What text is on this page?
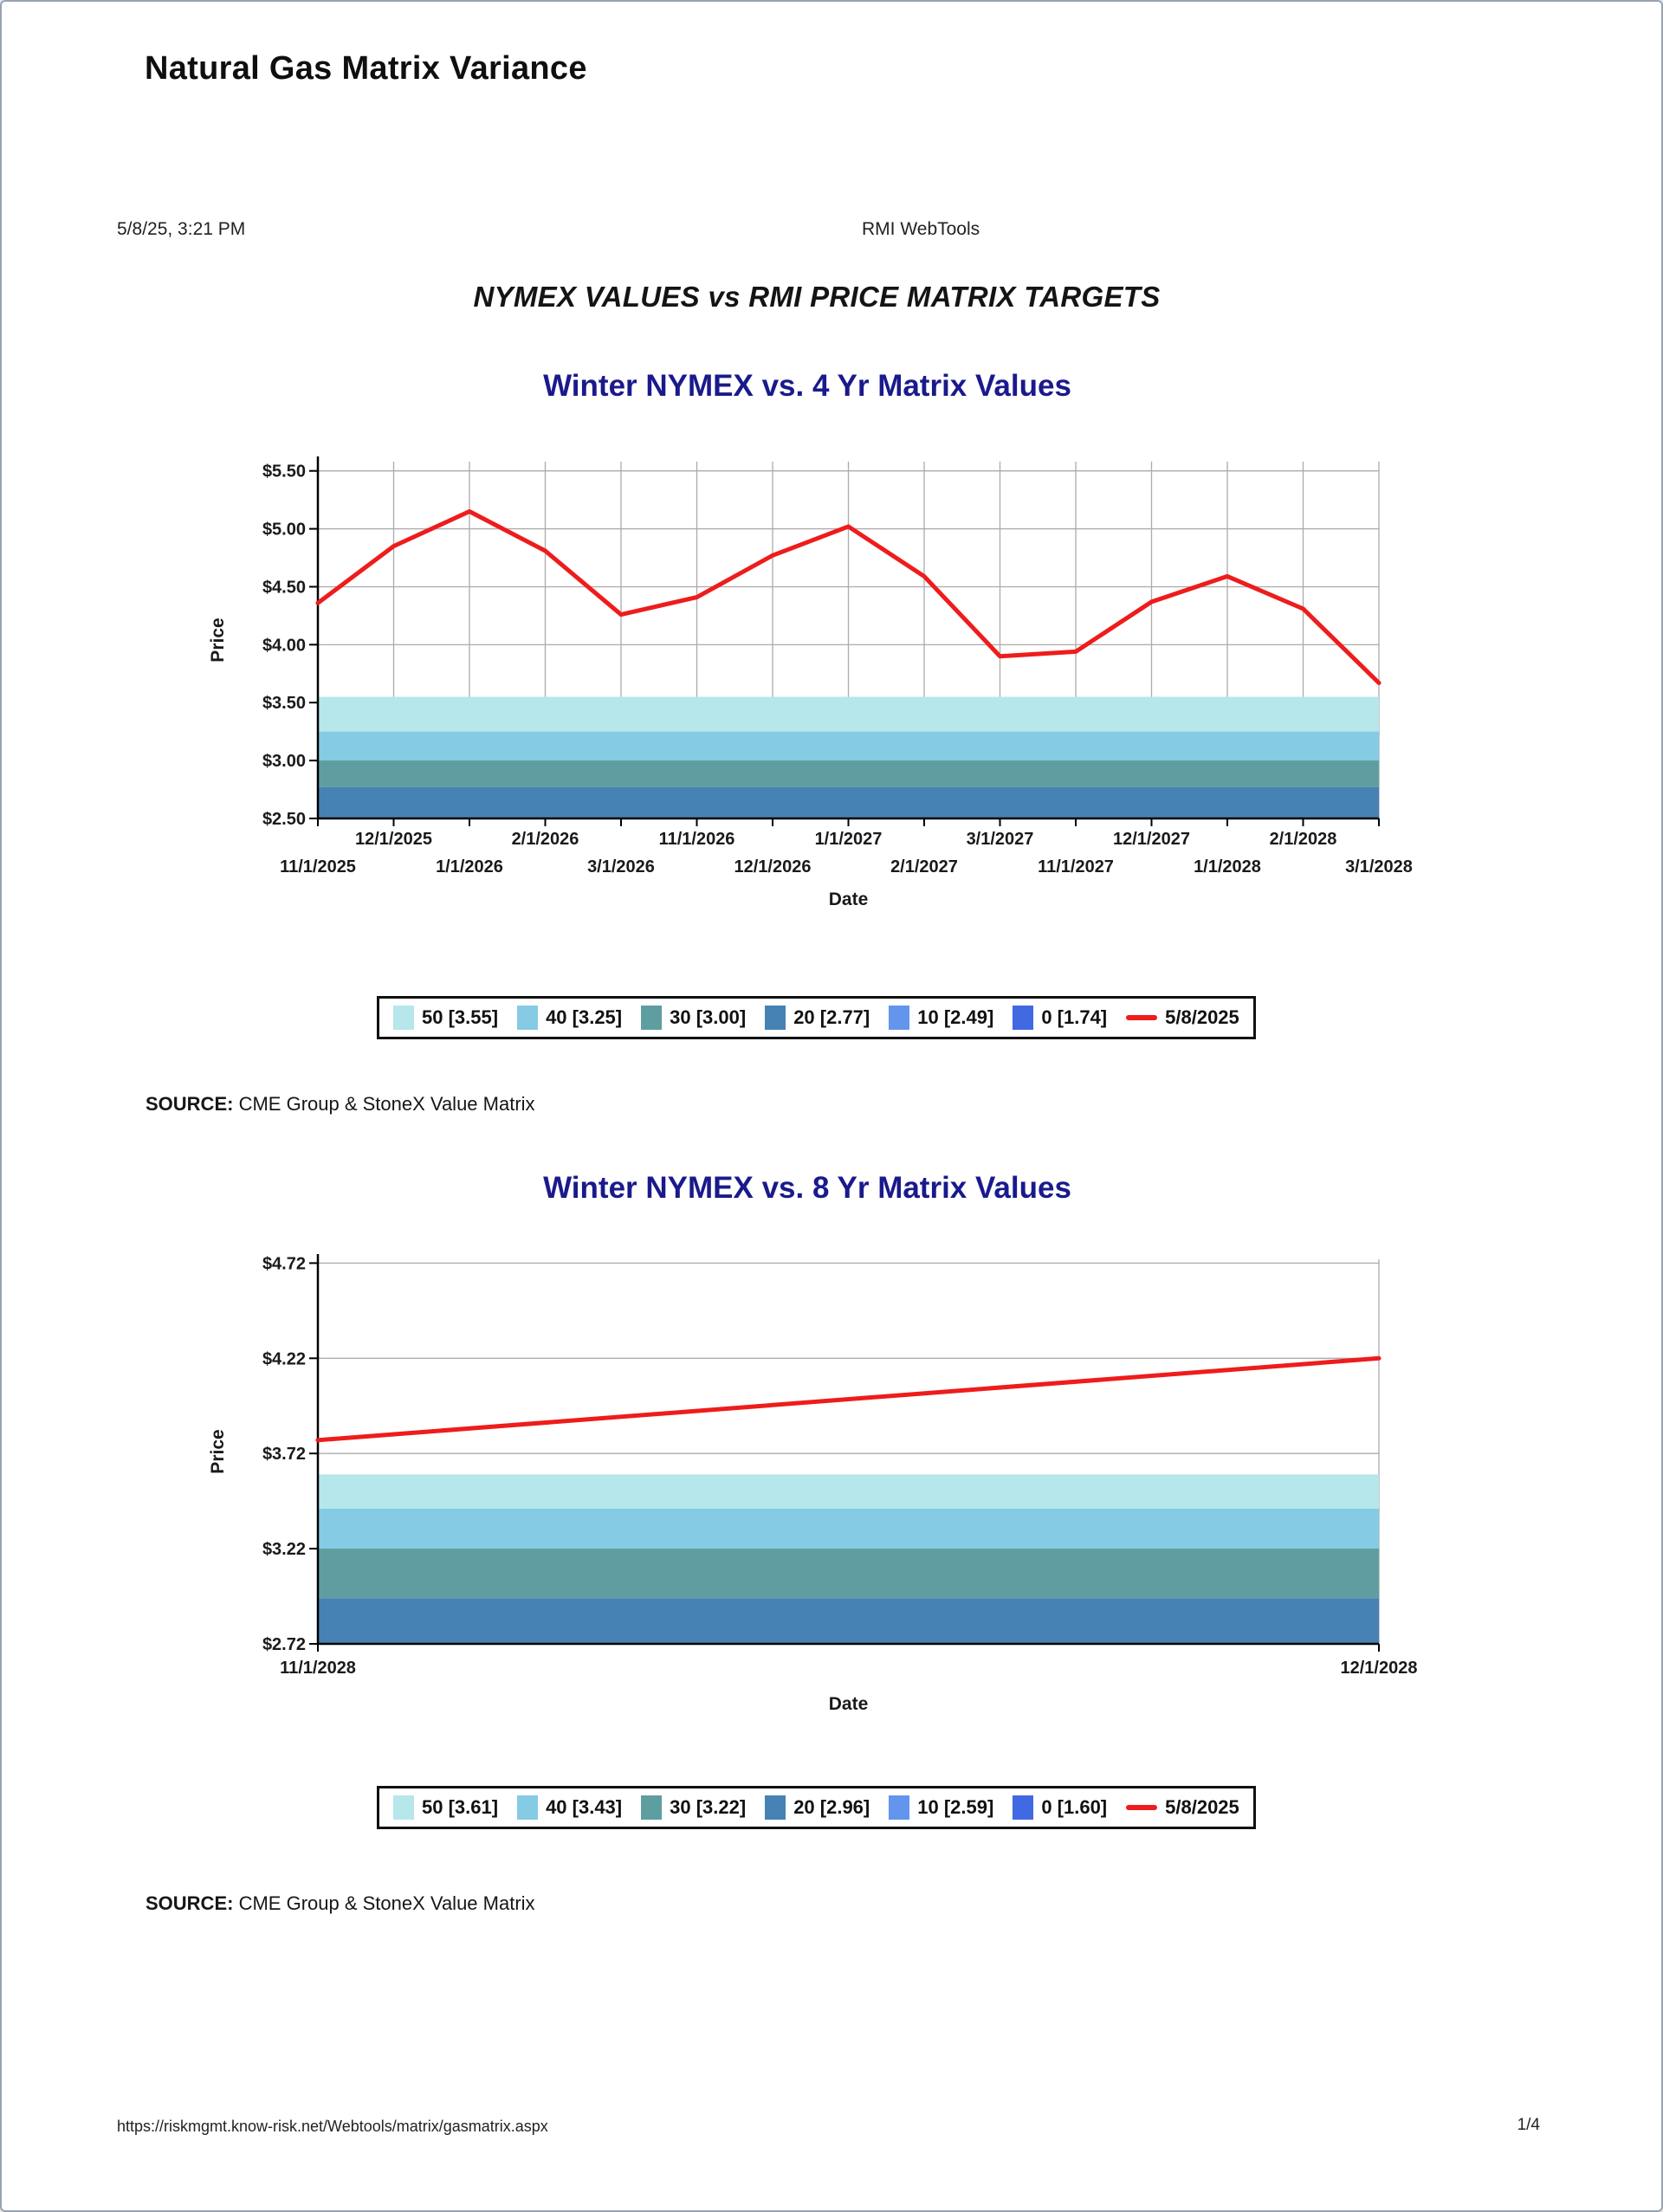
Natural Gas Matrix Variance
5/8/25, 3:21 PM	RMI WebTools
NYMEX VALUES vs RMI PRICE MATRIX TARGETS
Winter NYMEX vs. 4 Yr Matrix Values
$5.50
$5.00
$4.50
$4.00
$3.50
$3.00
$2.50
11/1/2025
12/1/2025
1/1/2026
2/1/2026
3/1/2026
11/1/2026
12/1/2026
1/1/2027
2/1/2027
3/1/2027
11/1/2027
12/1/2027
1/1/2028
2/1/2028
3/1/2028
Date
Price
50 [3.55]	40 [3.25]	30 [3.00]	20 [2.77]	10 [2.49]	0 [1.74]	5/8/2025
SOURCE: CME Group & StoneX Value Matrix
Winter NYMEX vs. 8 Yr Matrix Values
$4.72
$4.22
$3.72
$3.22
$2.72
11/1/2028	12/1/2028
Date
Price
50 [3.61]	40 [3.43]	30 [3.22]	20 [2.96]	10 [2.59]	0 [1.60]	5/8/2025
SOURCE: CME Group & StoneX Value Matrix
https://riskmgmt.know-risk.net/Webtools/matrix/gasmatrix.aspx	1/4
